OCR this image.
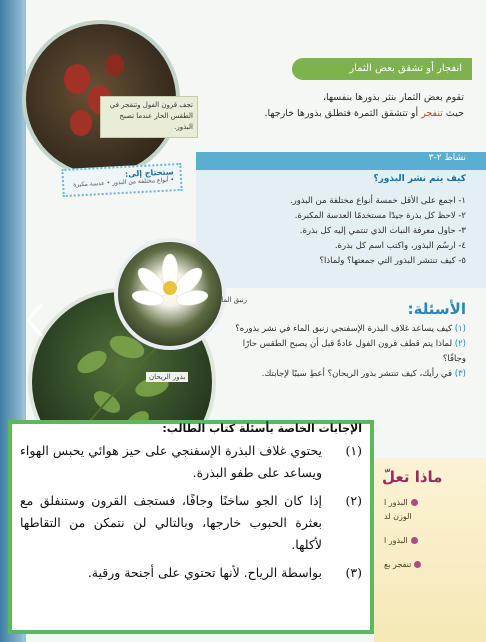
تجف قرون الفول وتنفجر في الطقس الحار عندما تصبح البذور.
انفجار أو تشقق بعض الثمار
تقوم بعض الثمار بنثر بذورها بنفسها،
حيث تنفجر أو تتشقق الثمرة فتطلق بذورها خارجها.
ستحتاج إلى:
• أنواع مختلفة من البذور • عدسة مكبرة
نشاط ٢-٣
كيف يتم نشر البذور؟
١- اجمع على الأقل خمسة أنواع مختلفة من البذور.
٢- لاحظ كل بذرة جيدًا مستخدمًا العدسة المكبرة.
٣- حاول معرفة النبات الذي تنتمي إليه كل بذرة.
٤- ارسُم البذور، واكتب اسم كل بذرة.
٥- كيف تنتشر البذور التي جمعتها؟ ولماذا؟
بذور الريحان
زنبق الماء	الأسئلة:
(١) كيف يساعد غلاف البذرة الإسفنجي زنبق الماء في نشر بذوره؟
(٢) لماذا يتم قطف قرون الفول عادةً قبل أن يصبح الطقس حارًا وجافًا؟
(٣) في رأيك، كيف تنتشر بذور الريحان؟ أعطِ سببًا لإجابتك.
ماذا تعلّ
البذور ا
الوزن لد
البذور ا
تنفجر بع
الإجابات الخاصة بأسئلة كتاب الطالب:
(١)
يحتوي غلاف البذرة الإسفنجي على حيز هوائي يحبس الهواء ويساعد على طفو البذرة.
(٢)
إذا كان الجو ساخنًا وجافًا، فستجف القرون وستنفلق مع بعثرة الحبوب خارجها، وبالتالي لن نتمكن من التقاطها لأكلها.
(٣)
بواسطة الرياح. لأنها تحتوي على أجنحة ورقية.
